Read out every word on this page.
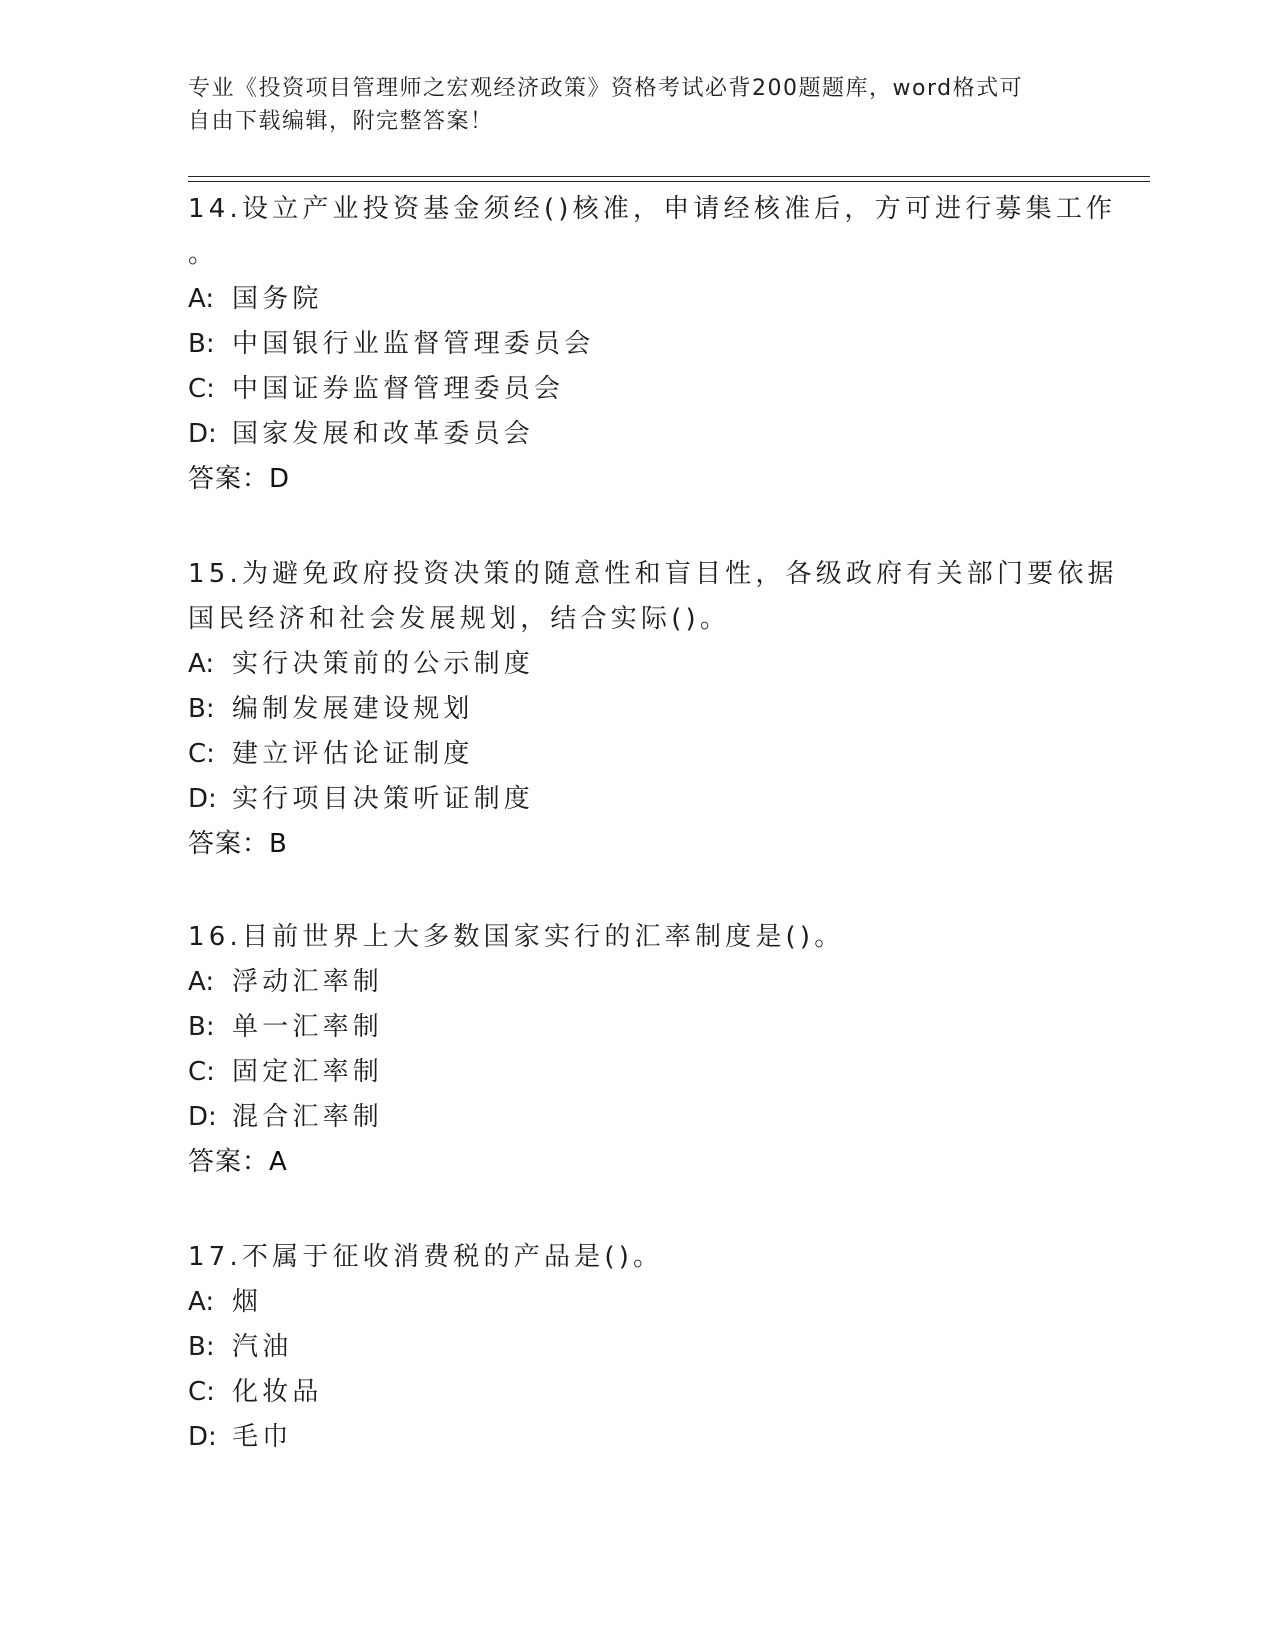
专业《投资项目管理师之宏观经济政策》资格考试必背200题题库，word格式可
自由下载编辑，附完整答案！
14.设立产业投资基金须经()核准，申请经核准后，方可进行募集工作
。
A: 国务院
B: 中国银行业监督管理委员会
C: 中国证券监督管理委员会
D: 国家发展和改革委员会
答案：D
15.为避免政府投资决策的随意性和盲目性，各级政府有关部门要依据
国民经济和社会发展规划，结合实际()。
A: 实行决策前的公示制度
B: 编制发展建设规划
C: 建立评估论证制度
D: 实行项目决策听证制度
答案：B
16.目前世界上大多数国家实行的汇率制度是()。
A: 浮动汇率制
B: 单一汇率制
C: 固定汇率制
D: 混合汇率制
答案：A
17.不属于征收消费税的产品是()。
A: 烟
B: 汽油
C: 化妆品
D: 毛巾
